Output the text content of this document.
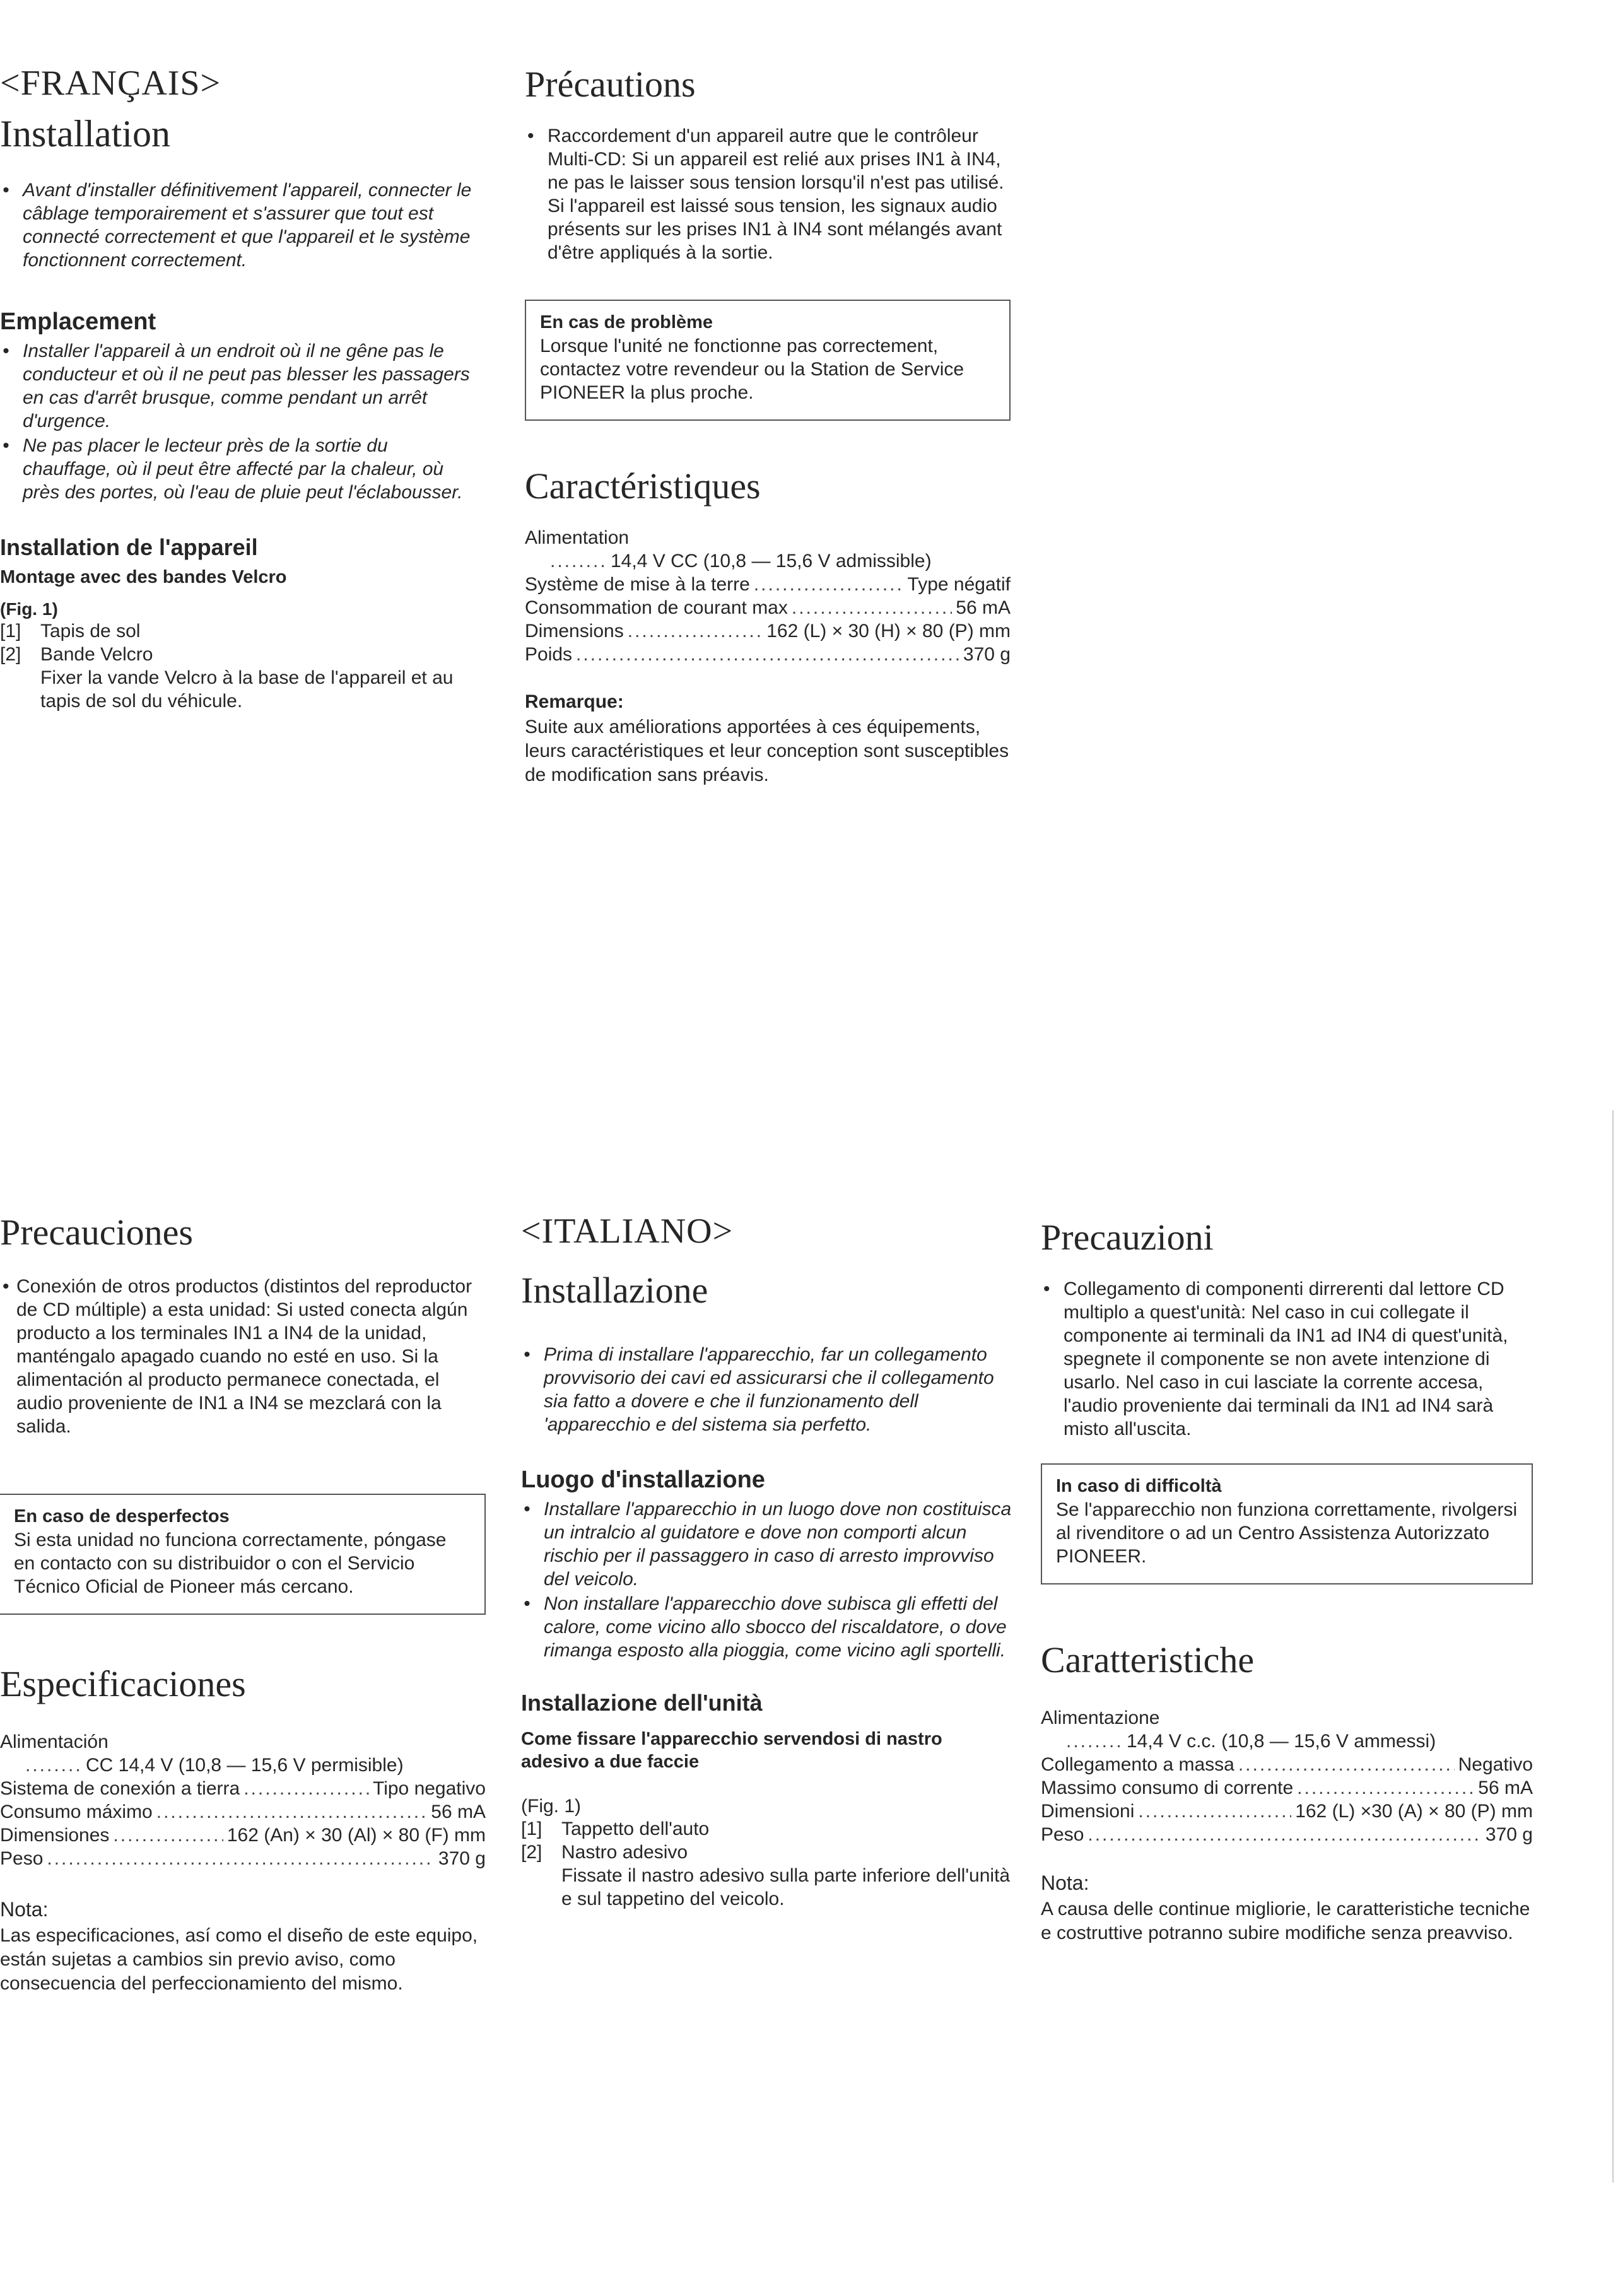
<FRANÇAIS>
Installation
• Avant d'installer définitivement l'appareil, connecter le câblage temporairement et s'assurer que tout est connecté correctement et que l'appareil et le système fonctionnent correctement.
Emplacement
• Installer l'appareil à un endroit où il ne gêne pas le conducteur et où il ne peut pas blesser les passagers en cas d'arrêt brusque, comme pendant un arrêt d'urgence.
• Ne pas placer le lecteur près de la sortie du chauffage, où il peut être affecté par la chaleur, où près des portes, où l'eau de pluie peut l'éclabousser.
Installation de l'appareil
Montage avec des bandes Velcro
(Fig. 1)
[1]	Tapis de sol
[2]	Bande Velcro
Fixer la vande Velcro à la base de l'appareil et au tapis de sol du véhicule.
Précautions
• Raccordement d'un appareil autre que le contrôleur Multi-CD: Si un appareil est relié aux prises IN1 à IN4, ne pas le laisser sous tension lorsqu'il n'est pas utilisé. Si l'appareil est laissé sous tension, les signaux audio présents sur les prises IN1 à IN4 sont mélangés avant d'être appliqués à la sortie.
En cas de problème
Lorsque l'unité ne fonctionne pas correctement, contactez votre revendeur ou la Station de Service PIONEER la plus proche.
Caractéristiques
Alimentation
.....
14,4 V CC (10,8 — 15,6 V admissible)
Système de mise à la terre .....	Type négatif
Consommation de courant max .....	56 mA
Dimensions .....	162 (L) × 30 (H) × 80 (P) mm
Poids .....	370 g
Remarque:
Suite aux améliorations apportées à ces équipements, leurs caractéristiques et leur conception sont susceptibles de modification sans préavis.
Precauciones
• Conexión de otros productos (distintos del reproductor de CD múltiple) a esta unidad: Si usted conecta algún producto a los terminales IN1 a IN4 de la unidad, manténgalo apagado cuando no esté en uso. Si la alimentación al producto permanece conectada, el audio proveniente de IN1 a IN4 se mezclará con la salida.
En caso de desperfectos
Si esta unidad no funciona correctamente, póngase en contacto con su distribuidor o con el Servicio Técnico Oficial de Pioneer más cercano.
Especificaciones
Alimentación
.....
CC 14,4 V (10,8 — 15,6 V permisible)
Sistema de conexión a tierra .....	Tipo negativo
Consumo máximo .....	56 mA
Dimensiones .....	162 (An) × 30 (Al) × 80 (F) mm
Peso .....	370 g
Nota:
Las especificaciones, así como el diseño de este equipo, están sujetas a cambios sin previo aviso, como consecuencia del perfeccionamiento del mismo.
<ITALIANO>
Installazione
• Prima di installare l'apparecchio, far un collegamento provvisorio dei cavi ed assicurarsi che il collegamento sia fatto a dovere e che il funzionamento dell 'apparecchio e del sistema sia perfetto.
Luogo d'installazione
• Installare l'apparecchio in un luogo dove non costituisca un intralcio al guidatore e dove non comporti alcun rischio per il passaggero in caso di arresto improvviso del veicolo.
• Non installare l'apparecchio dove subisca gli effetti del calore, come vicino allo sbocco del riscaldatore, o dove rimanga esposto alla pioggia, come vicino agli sportelli.
Installazione dell'unità
Come fissare l'apparecchio servendosi di nastro adesivo a due faccie
(Fig. 1)
[1]	Tappetto dell'auto
[2]	Nastro adesivo
Fissate il nastro adesivo sulla parte inferiore dell'unità e sul tappetino del veicolo.
Precauzioni
• Collegamento di componenti dirrerenti dal lettore CD multiplo a quest'unità: Nel caso in cui collegate il componente ai terminali da IN1 ad IN4 di quest'unità, spegnete il componente se non avete intenzione di usarlo. Nel caso in cui lasciate la corrente accesa, l'audio proveniente dai terminali da IN1 ad IN4 sarà misto all'uscita.
In caso di difficoltà
Se l'apparecchio non funziona correttamente, rivolgersi al rivenditore o ad un Centro Assistenza Autorizzato PIONEER.
Caratteristiche
Alimentazione
.....
14,4 V c.c. (10,8 — 15,6 V ammessi)
Collegamento a massa .....	Negativo
Massimo consumo di corrente .....	56 mA
Dimensioni .....	162 (L) ×30 (A) × 80 (P) mm
Peso .....	370 g
Nota:
A causa delle continue migliorie, le caratteristiche tecniche e costruttive potranno subire modifiche senza preavviso.
